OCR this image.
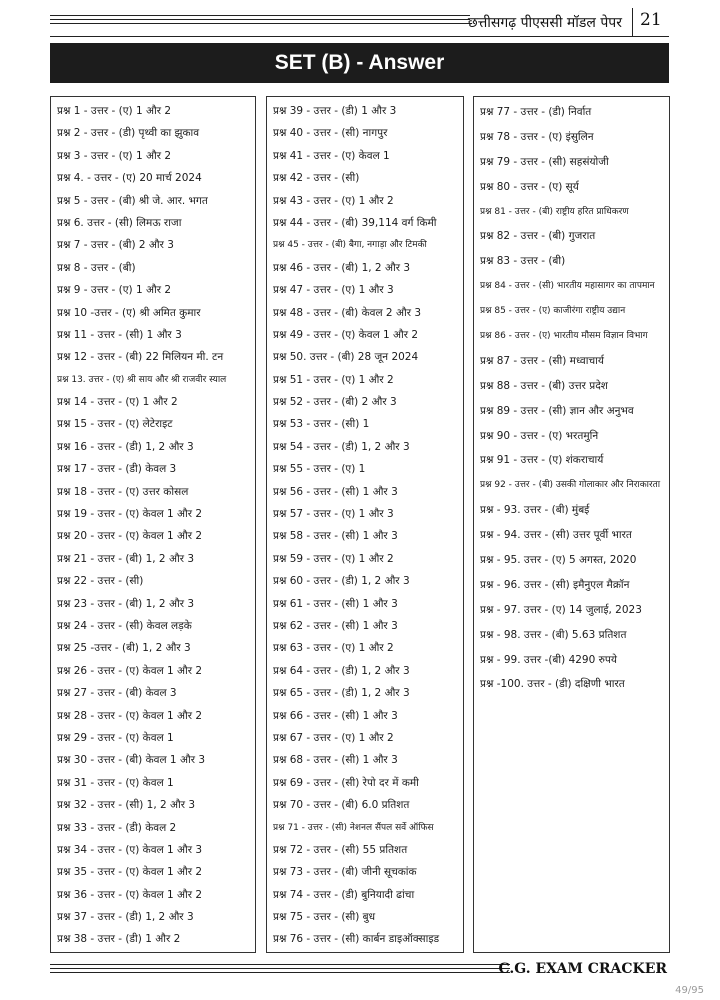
छत्तीसगढ़ पीएससी मॉडल पेपर 21
SET (B) - Answer
प्रश्न 1 - उत्तर - (ए) 1 और 2
प्रश्न 2 - उत्तर - (डी) पृथ्वी का झुकाव
प्रश्न 3 - उत्तर - (ए) 1 और 2
प्रश्न 4. - उत्तर - (ए) 20 मार्च 2024
प्रश्न 5 - उत्तर - (बी) श्री जे. आर. भगत
प्रश्न 6. उत्तर - (सी) लिमऊ राजा
प्रश्न 7 - उत्तर - (बी) 2 और 3
प्रश्न 8 - उत्तर - (बी)
प्रश्न 9 - उत्तर - (ए) 1 और 2
प्रश्न 10 -उत्तर - (ए) श्री अमित कुमार
प्रश्न 11 - उत्तर - (सी) 1 और 3
प्रश्न 12 - उत्तर - (बी) 22 मिलियन मी. टन
प्रश्न 13. उत्तर - (ए) श्री साय और श्री राजवीर स्याल
प्रश्न 14 - उत्तर - (ए) 1 और 2
प्रश्न 15 - उत्तर - (ए) लेटेराइट
प्रश्न 16 - उत्तर - (डी) 1, 2 और 3
प्रश्न 17 - उत्तर - (डी) केवल 3
प्रश्न 18 - उत्तर - (ए) उत्तर कोसल
प्रश्न 19 - उत्तर - (ए) केवल 1 और 2
प्रश्न 20 - उत्तर - (ए) केवल 1 और 2
प्रश्न 21 - उत्तर - (बी) 1, 2 और 3
प्रश्न 22 - उत्तर - (सी)
प्रश्न 23 - उत्तर - (बी) 1, 2 और 3
प्रश्न 24 - उत्तर - (सी) केवल लड़के
प्रश्न 25 -उत्तर - (बी) 1, 2 और 3
प्रश्न 26 - उत्तर - (ए) केवल 1 और 2
प्रश्न 27 - उत्तर - (बी) केवल 3
प्रश्न 28 - उत्तर - (ए) केवल 1 और 2
प्रश्न 29 - उत्तर - (ए) केवल 1
प्रश्न 30 - उत्तर - (बी) केवल 1 और 3
प्रश्न 31 - उत्तर - (ए) केवल 1
प्रश्न 32 - उत्तर - (सी) 1, 2 और 3
प्रश्न 33 - उत्तर - (डी) केवल 2
प्रश्न 34 - उत्तर - (ए) केवल 1 और 3
प्रश्न 35 - उत्तर - (ए) केवल 1 और 2
प्रश्न 36 - उत्तर - (ए) केवल 1 और 2
प्रश्न 37 - उत्तर - (डी) 1, 2 और 3
प्रश्न 38 - उत्तर - (डी) 1 और 2
प्रश्न 39 - उत्तर - (डी) 1 और 3
प्रश्न 40 - उत्तर - (सी) नागपुर
प्रश्न 41 - उत्तर - (ए) केवल 1
प्रश्न 42 - उत्तर - (सी)
प्रश्न 43 - उत्तर - (ए) 1 और 2
प्रश्न 44 - उत्तर - (बी) 39,114 वर्ग किमी
प्रश्न 45 - उत्तर - (बी) बैगा, नगाड़ा और टिमकी
प्रश्न 46 - उत्तर - (बी) 1, 2 और 3
प्रश्न 47 - उत्तर - (ए) 1 और 3
प्रश्न 48 - उत्तर - (बी) केवल 2 और 3
प्रश्न 49 - उत्तर - (ए) केवल 1 और 2
प्रश्न 50. उत्तर - (बी) 28 जून 2024
प्रश्न 51 - उत्तर - (ए) 1 और 2
प्रश्न 52 - उत्तर - (बी) 2 और 3
प्रश्न 53 - उत्तर - (सी) 1
प्रश्न 54 - उत्तर - (डी) 1, 2 और 3
प्रश्न 55 - उत्तर - (ए) 1
प्रश्न 56 - उत्तर - (सी) 1 और 3
प्रश्न 57 - उत्तर - (ए) 1 और 3
प्रश्न 58 - उत्तर - (सी) 1 और 3
प्रश्न 59 - उत्तर - (ए) 1 और 2
प्रश्न 60 - उत्तर - (डी) 1, 2 और 3
प्रश्न 61 - उत्तर - (सी) 1 और 3
प्रश्न 62 - उत्तर - (सी) 1 और 3
प्रश्न 63 - उत्तर - (ए) 1 और 2
प्रश्न 64 - उत्तर - (डी) 1, 2 और 3
प्रश्न 65 - उत्तर - (डी) 1, 2 और 3
प्रश्न 66 - उत्तर - (सी) 1 और 3
प्रश्न 67 - उत्तर - (ए) 1 और 2
प्रश्न 68 - उत्तर - (सी) 1 और 3
प्रश्न 69 - उत्तर - (सी) रेपो दर में कमी
प्रश्न 70 - उत्तर - (बी) 6.0 प्रतिशत
प्रश्न 71 - उत्तर - (सी) नेशनल सैंपल सर्वे ऑफिस
प्रश्न 72 - उत्तर - (सी) 55 प्रतिशत
प्रश्न 73 - उत्तर - (बी) जीनी सूचकांक
प्रश्न 74 - उत्तर - (डी) बुनियादी ढांचा
प्रश्न 75 - उत्तर - (सी) बुध
प्रश्न 76 - उत्तर - (सी) कार्बन डाइऑक्साइड
प्रश्न 77 - उत्तर - (डी) निर्वात
प्रश्न 78 - उत्तर - (ए) इंसुलिन
प्रश्न 79 - उत्तर - (सी) सहसंयोजी
प्रश्न 80 - उत्तर - (ए) सूर्य
प्रश्न 81 - उत्तर - (बी) राष्ट्रीय हरित प्राधिकरण
प्रश्न 82 - उत्तर - (बी) गुजरात
प्रश्न 83 - उत्तर - (बी)
प्रश्न 84 - उत्तर - (सी) भारतीय महासागर का तापमान
प्रश्न 85 - उत्तर - (ए) काजीरंगा राष्ट्रीय उद्यान
प्रश्न 86 - उत्तर - (ए) भारतीय मौसम विज्ञान विभाग
प्रश्न 87 - उत्तर - (सी) मध्वाचार्य
प्रश्न 88 - उत्तर - (बी) उत्तर प्रदेश
प्रश्न 89 - उत्तर - (सी) ज्ञान और अनुभव
प्रश्न 90 - उत्तर - (ए) भरतमुनि
प्रश्न 91 - उत्तर - (ए) शंकराचार्य
प्रश्न 92 - उत्तर - (बी) उसकी गोलाकार और निराकारता
प्रश्न - 93. उत्तर - (बी) मुंबई
प्रश्न - 94. उत्तर - (सी) उत्तर पूर्वी भारत
प्रश्न - 95. उत्तर - (ए) 5 अगस्त, 2020
प्रश्न - 96. उत्तर - (सी) इमैनुएल मैक्रॉन
प्रश्न - 97. उत्तर - (ए) 14 जुलाई, 2023
प्रश्न - 98. उत्तर - (बी) 5.63 प्रतिशत
प्रश्न - 99. उत्तर -(बी) 4290 रुपये
प्रश्न -100. उत्तर - (डी) दक्षिणी भारत
C.G. EXAM CRACKER
49/95
